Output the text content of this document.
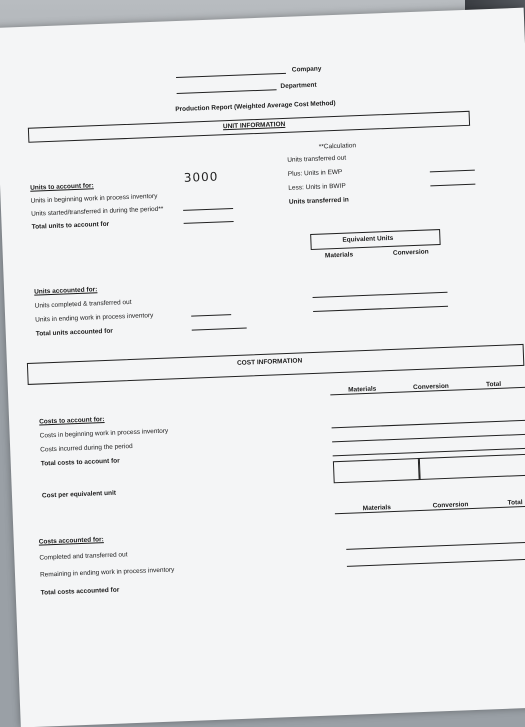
Company
Department
Production Report (Weighted Average Cost Method)
UNIT INFORMATION
**Calculation
Units transferred out
Plus: Units in EWP
Less: Units in BWIP
Units transferred in
Units to account for:
3000
Units in beginning work in process inventory
Units started/transferred in during the period**
Total units to account for
Equivalent Units
Materials	Conversion
Units accounted for:
Units completed & transferred out
Units in ending work in process inventory
Total units accounted for
COST INFORMATION
Materials	Conversion	Total
Costs to account for:
Costs in beginning work in process inventory
Costs incurred during the period
Total costs to account for
Cost per equivalent unit
Materials	Conversion	Total
Costs accounted for:
Completed and transferred out
Remaining in ending work in process inventory
Total costs accounted for
